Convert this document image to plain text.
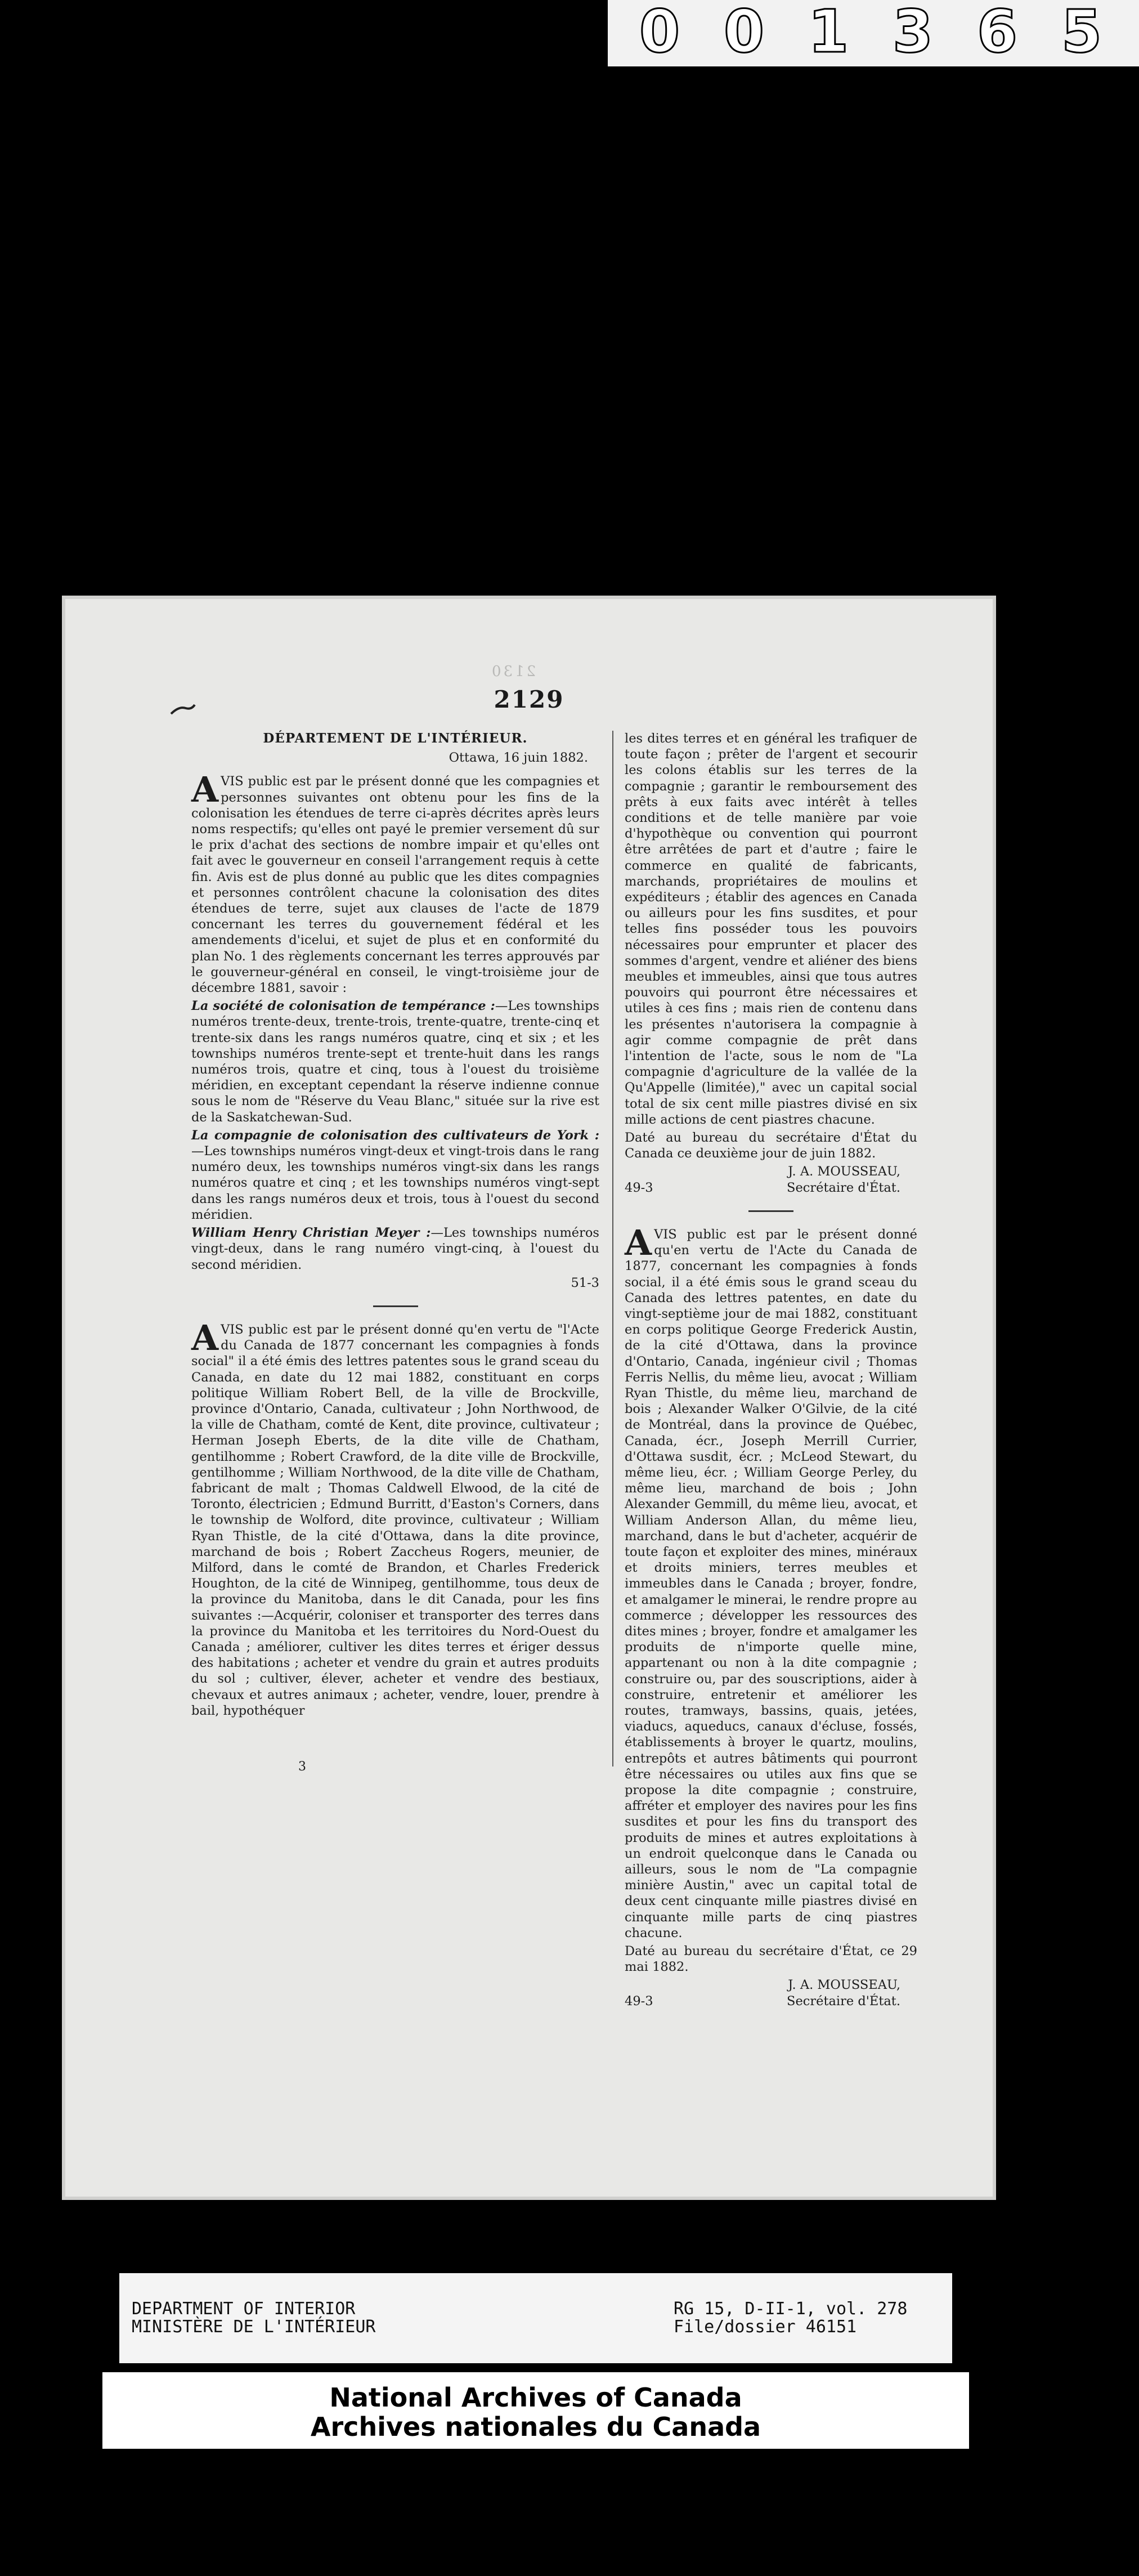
0 0 1 3 6 5
2130
2129
DÉPARTEMENT DE L'INTÉRIEUR.
Ottawa, 16 juin 1882.

AVIS public est par le présent donné que les compagnies et personnes suivantes ont obtenu pour les fins de la colonisation les étendues de terre ci-après décrites après leurs noms respectifs; qu'elles ont payé le premier versement dû sur le prix d'achat des sections de nombre impair et qu'elles ont fait avec le gouverneur en conseil l'arrangement requis à cette fin. Avis est de plus donné au public que les dites compagnies et personnes contrôlent chacune la colonisation des dites étendues de terre, sujet aux clauses de l'acte de 1879 concernant les terres du gouvernement fédéral et les amendements d'icelui, et sujet de plus et en conformité du plan No. 1 des règlements concernant les terres approuvés par le gouverneur-général en conseil, le vingt-troisième jour de décembre 1881, savoir :

La société de colonisation de tempérance :—Les townships numéros trente-deux, trente-trois, trente-quatre, trente-cinq et trente-six dans les rangs numéros quatre, cinq et six ; et les townships numéros trente-sept et trente-huit dans les rangs numéros trois, quatre et cinq, tous à l'ouest du troisième méridien, en exceptant cependant la réserve indienne connue sous le nom de "Réserve du Veau Blanc," située sur la rive est de la Saskatchewan-Sud.

La compagnie de colonisation des cultivateurs de York :—Les townships numéros vingt-deux et vingt-trois dans le rang numéro deux, les townships numéros vingt-six dans les rangs numéros quatre et cinq ; et les townships numéros vingt-sept dans les rangs numéros deux et trois, tous à l'ouest du second méridien.

William Henry Christian Meyer :—Les townships numéros vingt-deux, dans le rang numéro vingt-cinq, à l'ouest du second méridien.

51-3

AVIS public est par le présent donné qu'en vertu de "l'Acte du Canada de 1877 concernant les compagnies à fonds social" il a été émis des lettres patentes sous le grand sceau du Canada, en date du 12 mai 1882, constituant en corps politique William Robert Bell, de la ville de Brockville, province d'Ontario, Canada, cultivateur ; John Northwood, de la ville de Chatham, comté de Kent, dite province, cultivateur ; Herman Joseph Eberts, de la dite ville de Chatham, gentilhomme ; Robert Crawford, de la dite ville de Brockville, gentilhomme ; William Northwood, de la dite ville de Chatham, fabricant de malt ; Thomas Caldwell Elwood, de la cité de Toronto, électricien ; Edmund Burritt, d'Easton's Corners, dans le township de Wolford, dite province, cultivateur ; William Ryan Thistle, de la cité d'Ottawa, dans la dite province, marchand de bois ; Robert Zaccheus Rogers, meunier, de Milford, dans le comté de Brandon, et Charles Frederick Houghton, de la cité de Winnipeg, gentilhomme, tous deux de la province du Manitoba, dans le dit Canada, pour les fins suivantes :—Acquérir, coloniser et transporter des terres dans la province du Manitoba et les territoires du Nord-Ouest du Canada ; améliorer, cultiver les dites terres et ériger dessus des habitations ; acheter et vendre du grain et autres produits du sol ; cultiver, élever, acheter et vendre des bestiaux, chevaux et autres animaux ; acheter, vendre, louer, prendre à bail, hypothéquer

les dites terres et en général les trafiquer de toute façon ; prêter de l'argent et secourir les colons établis sur les terres de la compagnie ; garantir le remboursement des prêts à eux faits avec intérêt à telles conditions et de telle manière par voie d'hypothèque ou convention qui pourront être arrêtées de part et d'autre ; faire le commerce en qualité de fabricants, marchands, propriétaires de moulins et expéditeurs ; établir des agences en Canada ou ailleurs pour les fins susdites, et pour telles fins posséder tous les pouvoirs nécessaires pour emprunter et placer des sommes d'argent, vendre et aliéner des biens meubles et immeubles, ainsi que tous autres pouvoirs qui pourront être nécessaires et utiles à ces fins ; mais rien de contenu dans les présentes n'autorisera la compagnie à agir comme compagnie de prêt dans l'intention de l'acte, sous le nom de "La compagnie d'agriculture de la vallée de la Qu'Appelle (limitée)," avec un capital social total de six cent mille piastres divisé en six mille actions de cent piastres chacune.

Daté au bureau du secrétaire d'État du Canada ce deuxième jour de juin 1882.

49-3
J. A. MOUSSEAU,
Secrétaire d'État.

AVIS public est par le présent donné qu'en vertu de l'Acte du Canada de 1877, concernant les compagnies à fonds social, il a été émis sous le grand sceau du Canada des lettres patentes, en date du vingt-septième jour de mai 1882, constituant en corps politique George Frederick Austin, de la cité d'Ottawa, dans la province d'Ontario, Canada, ingénieur civil ; Thomas Ferris Nellis, du même lieu, avocat ; William Ryan Thistle, du même lieu, marchand de bois ; Alexander Walker O'Gilvie, de la cité de Montréal, dans la province de Québec, Canada, écr., Joseph Merrill Currier, d'Ottawa susdit, écr. ; McLeod Stewart, du même lieu, écr. ; William George Perley, du même lieu, marchand de bois ; John Alexander Gemmill, du même lieu, avocat, et William Anderson Allan, du même lieu, marchand, dans le but d'acheter, acquérir de toute façon et exploiter des mines, minéraux et droits miniers, terres meubles et immeubles dans le Canada ; broyer, fondre, et amalgamer le minerai, le rendre propre au commerce ; développer les ressources des dites mines ; broyer, fondre et amalgamer les produits de n'importe quelle mine, appartenant ou non à la dite compagnie ; construire ou, par des souscriptions, aider à construire, entretenir et améliorer les routes, tramways, bassins, quais, jetées, viaducs, aqueducs, canaux d'écluse, fossés, établissements à broyer le quartz, moulins, entrepôts et autres bâtiments qui pourront être nécessaires ou utiles aux fins que se propose la dite compagnie ; construire, affréter et employer des navires pour les fins susdites et pour les fins du transport des produits de mines et autres exploitations à un endroit quelconque dans le Canada ou ailleurs, sous le nom de "La compagnie minière Austin," avec un capital total de deux cent cinquante mille piastres divisé en cinquante mille parts de cinq piastres chacune.

Daté au bureau du secrétaire d'État, ce 29 mai 1882.

49-3
J. A. MOUSSEAU,
Secrétaire d'État.
3
DEPARTMENT OF INTERIOR
MINISTÈRE DE L'INTÉRIEUR
RG 15, D-II-1, vol. 278
File/dossier 46151
National Archives of Canada
Archives nationales du Canada
